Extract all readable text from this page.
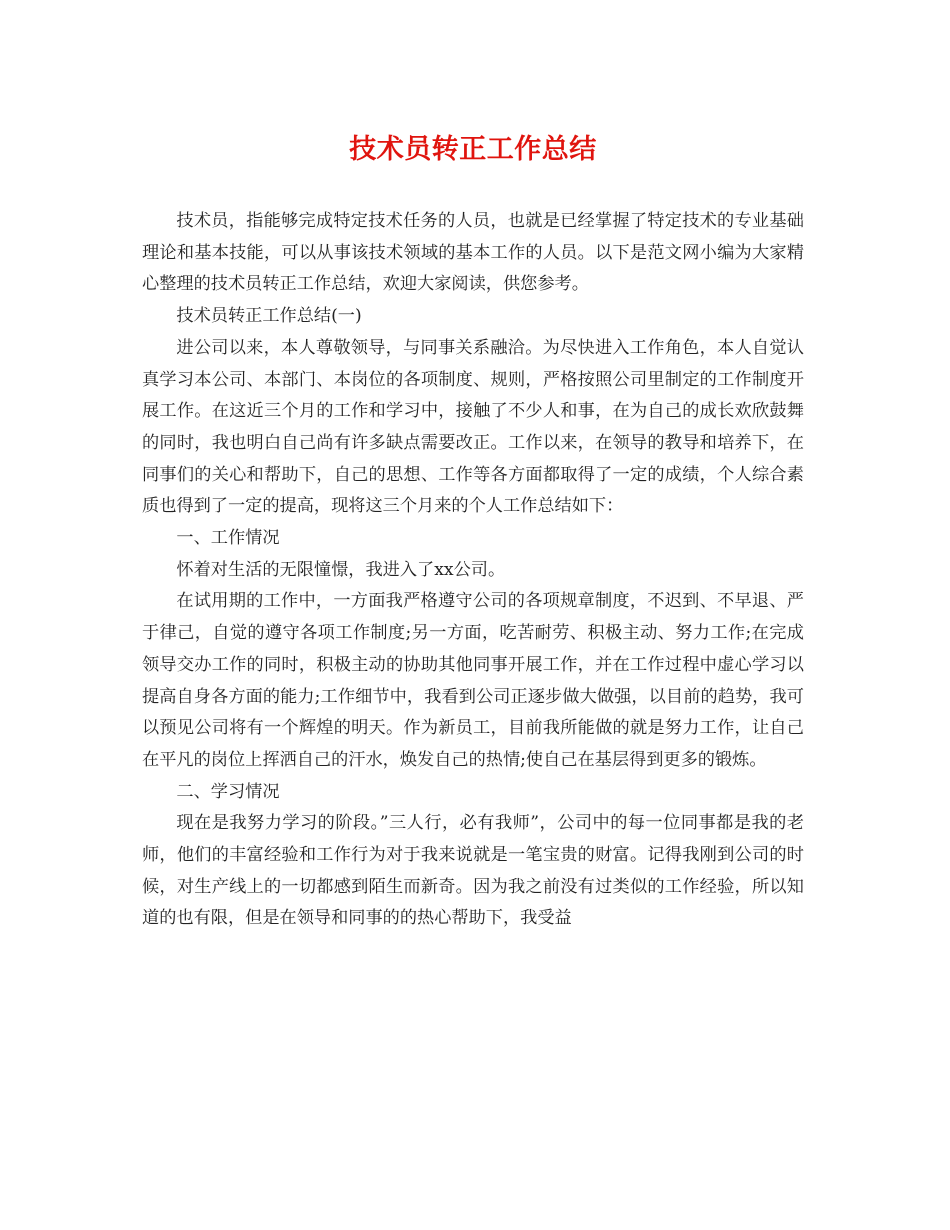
技术员转正工作总结

技术员，指能够完成特定技术任务的人员，也就是已经掌握了特定技术的专业基础理论和基本技能，可以从事该技术领域的基本工作的人员。以下是范文网小编为大家精心整理的技术员转正工作总结，欢迎大家阅读，供您参考。

技术员转正工作总结(一)

进公司以来，本人尊敬领导，与同事关系融洽。为尽快进入工作角色，本人自觉认真学习本公司、本部门、本岗位的各项制度、规则，严格按照公司里制定的工作制度开展工作。在这近三个月的工作和学习中，接触了不少人和事，在为自己的成长欢欣鼓舞的同时，我也明白自己尚有许多缺点需要改正。工作以来，在领导的教导和培养下，在同事们的关心和帮助下，自己的思想、工作等各方面都取得了一定的成绩，个人综合素质也得到了一定的提高，现将这三个月来的个人工作总结如下：

一、工作情况

怀着对生活的无限憧憬，我进入了xx公司。

在试用期的工作中，一方面我严格遵守公司的各项规章制度，不迟到、不早退、严于律己，自觉的遵守各项工作制度;另一方面，吃苦耐劳、积极主动、努力工作;在完成领导交办工作的同时，积极主动的协助其他同事开展工作，并在工作过程中虚心学习以提高自身各方面的能力;工作细节中，我看到公司正逐步做大做强，以目前的趋势，我可以预见公司将有一个辉煌的明天。作为新员工，目前我所能做的就是努力工作，让自己在平凡的岗位上挥洒自己的汗水，焕发自己的热情;使自己在基层得到更多的锻炼。

二、学习情况

现在是我努力学习的阶段。”三人行，必有我师”，公司中的每一位同事都是我的老师，他们的丰富经验和工作行为对于我来说就是一笔宝贵的财富。记得我刚到公司的时候，对生产线上的一切都感到陌生而新奇。因为我之前没有过类似的工作经验，所以知道的也有限，但是在领导和同事的的热心帮助下，我受益
